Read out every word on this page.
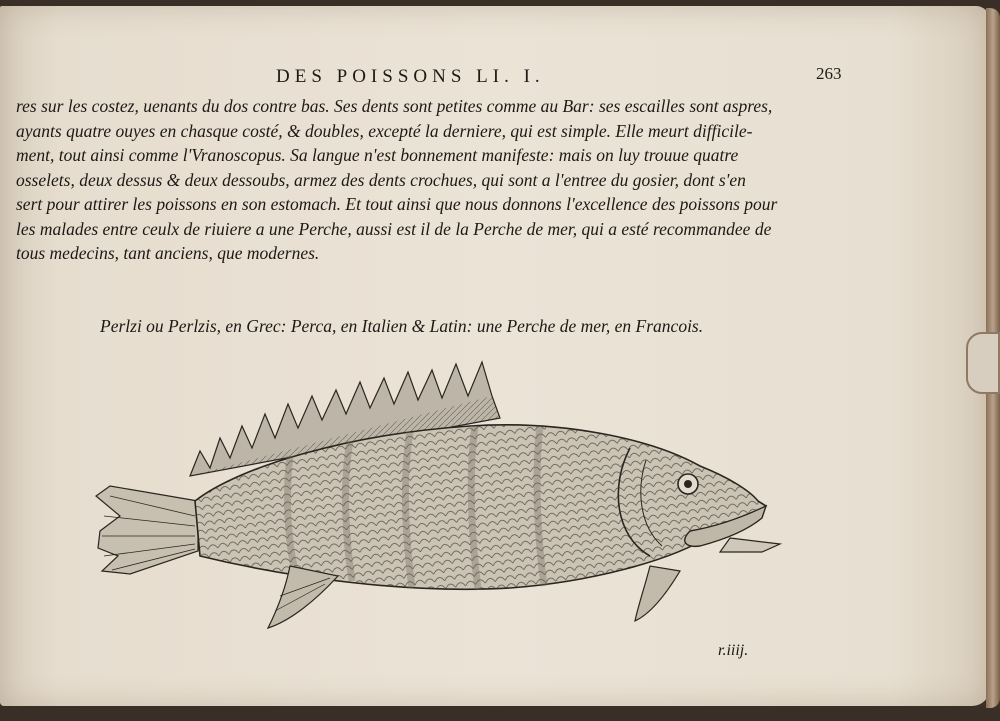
DES POISSONS LI. I.	263
res sur les costez, uenants du dos contre bas. Ses dents sont petites comme au Bar: ses escailles sont aspres,
ayants quatre ouyes en chasque costé, & doubles, excepté la derniere, qui est simple. Elle meurt difficile-
ment, tout ainsi comme l'Vranoscopus. Sa langue n'est bonnement manifeste: mais on luy trouue quatre
osselets, deux dessus & deux dessoubs, armez des dents crochues, qui sont a l'entree du gosier, dont s'en
sert pour attirer les poissons en son estomach. Et tout ainsi que nous donnons l'excellence des poissons pour
les malades entre ceulx de riuiere a une Perche, aussi est il de la Perche de mer, qui a esté recommandee de
tous medecins, tant anciens, que modernes.
Perlzi ou Perlzis, en Grec: Perca, en Italien & Latin: une Perche de mer, en Francois.
r.iiij.
